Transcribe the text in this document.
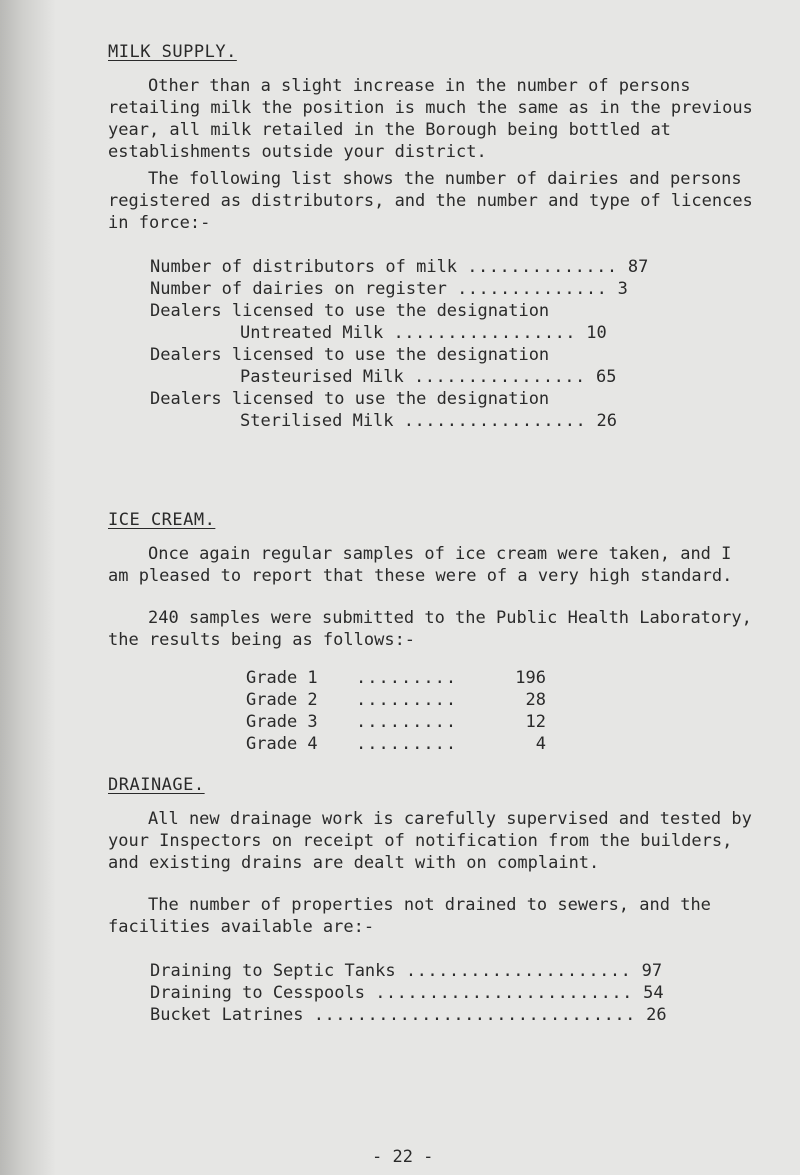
MILK SUPPLY.

Other than a slight increase in the number of persons retailing milk the position is much the same as in the previous year, all milk retailed in the Borough being bottled at establishments outside your district.

The following list shows the number of dairies and persons registered as distributors, and the number and type of licences in force:-

Number of distributors of milk .............. 87
Number of dairies on register .............. 3
Dealers licensed to use the designation
Untreated Milk ................. 10
Dealers licensed to use the designation
Pasteurised Milk ................ 65
Dealers licensed to use the designation
Sterilised Milk ................. 26
ICE CREAM.

Once again regular samples of ice cream were taken, and I am pleased to report that these were of a very high standard.

240 samples were submitted to the Public Health Laboratory, the results being as follows:-

Grade 1 .........	196
Grade 2 .........	28
Grade 3 .........	12
Grade 4 .........	4
DRAINAGE.

All new drainage work is carefully supervised and tested by your Inspectors on receipt of notification from the builders, and existing drains are dealt with on complaint.

The number of properties not drained to sewers, and the facilities available are:-

Draining to Septic Tanks ..................... 97
Draining to Cesspools ........................ 54
Bucket Latrines .............................. 26
- 22 -
